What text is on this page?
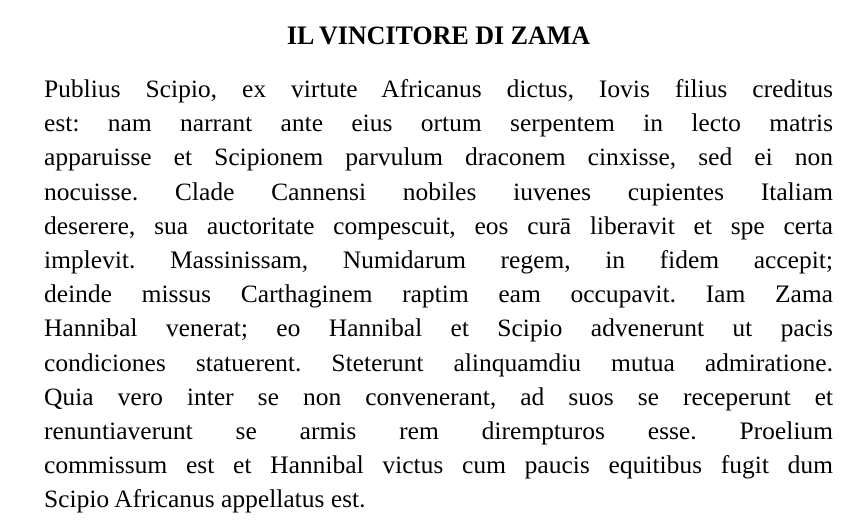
IL VINCITORE DI ZAMA
Publius Scipio, ex virtute Africanus dictus, Iovis filius creditus
est: nam narrant ante eius ortum serpentem in lecto matris
apparuisse et Scipionem parvulum draconem cinxisse, sed ei non
nocuisse. Clade Cannensi nobiles iuvenes cupientes Italiam
deserere, sua auctoritate compescuit, eos curā liberavit et spe certa
implevit. Massinissam, Numidarum regem, in fidem accepit;
deinde missus Carthaginem raptim eam occupavit. Iam Zama
Hannibal venerat; eo Hannibal et Scipio advenerunt ut pacis
condiciones statuerent. Steterunt alinquamdiu mutua admiratione.
Quia vero inter se non convenerant, ad suos se receperunt et
renuntiaverunt se armis rem dirempturos esse. Proelium
commissum est et Hannibal victus cum paucis equitibus fugit dum
Scipio Africanus appellatus est.
